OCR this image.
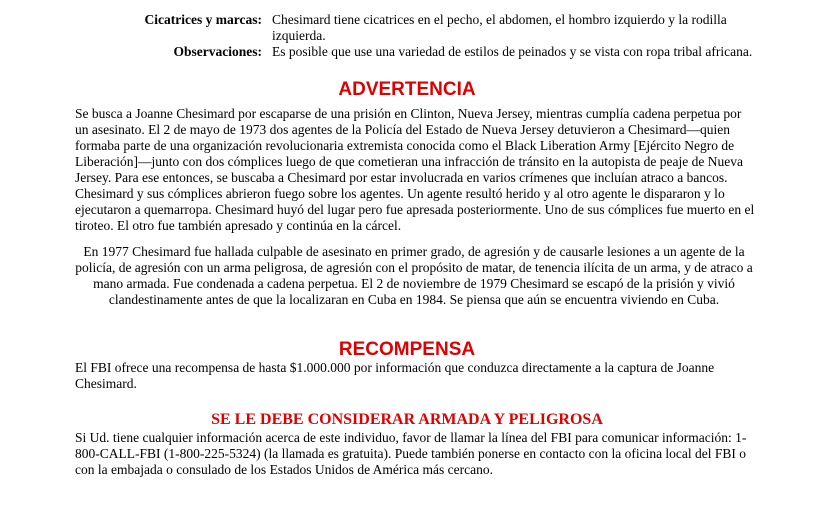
Cicatrices y marcas:	Chesimard tiene cicatrices en el pecho, el abdomen, el hombro izquierdo y la rodilla izquierda.
Observaciones:	Es posible que use una variedad de estilos de peinados y se vista con ropa tribal africana.
ADVERTENCIA

Se busca a Joanne Chesimard por escaparse de una prisión en Clinton, Nueva Jersey, mientras cumplía cadena perpetua por un asesinato. El 2 de mayo de 1973 dos agentes de la Policía del Estado de Nueva Jersey detuvieron a Chesimard—quien formaba parte de una organización revolucionaria extremista conocida como el Black Liberation Army [Ejército Negro de Liberación]—junto con dos cómplices luego de que cometieran una infracción de tránsito en la autopista de peaje de Nueva Jersey. Para ese entonces, se buscaba a Chesimard por estar involucrada en varios crímenes que incluían atraco a bancos. Chesimard y sus cómplices abrieron fuego sobre los agentes. Un agente resultó herido y al otro agente le dispararon y lo ejecutaron a quemarropa. Chesimard huyó del lugar pero fue apresada posteriormente. Uno de sus cómplices fue muerto en el tiroteo. El otro fue también apresado y continúa en la cárcel.

En 1977 Chesimard fue hallada culpable de asesinato en primer grado, de agresión y de causarle lesiones a un agente de la policía, de agresión con un arma peligrosa, de agresión con el propósito de matar, de tenencia ilícita de un arma, y de atraco a mano armada. Fue condenada a cadena perpetua. El 2 de noviembre de 1979 Chesimard se escapó de la prisión y vivió clandestinamente antes de que la localizaran en Cuba en 1984. Se piensa que aún se encuentra viviendo en Cuba.

RECOMPENSA

El FBI ofrece una recompensa de hasta $1.000.000 por información que conduzca directamente a la captura de Joanne Chesimard.

SE LE DEBE CONSIDERAR ARMADA Y PELIGROSA

Si Ud. tiene cualquier información acerca de este individuo, favor de llamar la línea del FBI para comunicar información: 1-800-CALL-FBI (1-800-225-5324) (la llamada es gratuita). Puede también ponerse en contacto con la oficina local del FBI o con la embajada o consulado de los Estados Unidos de América más cercano.
